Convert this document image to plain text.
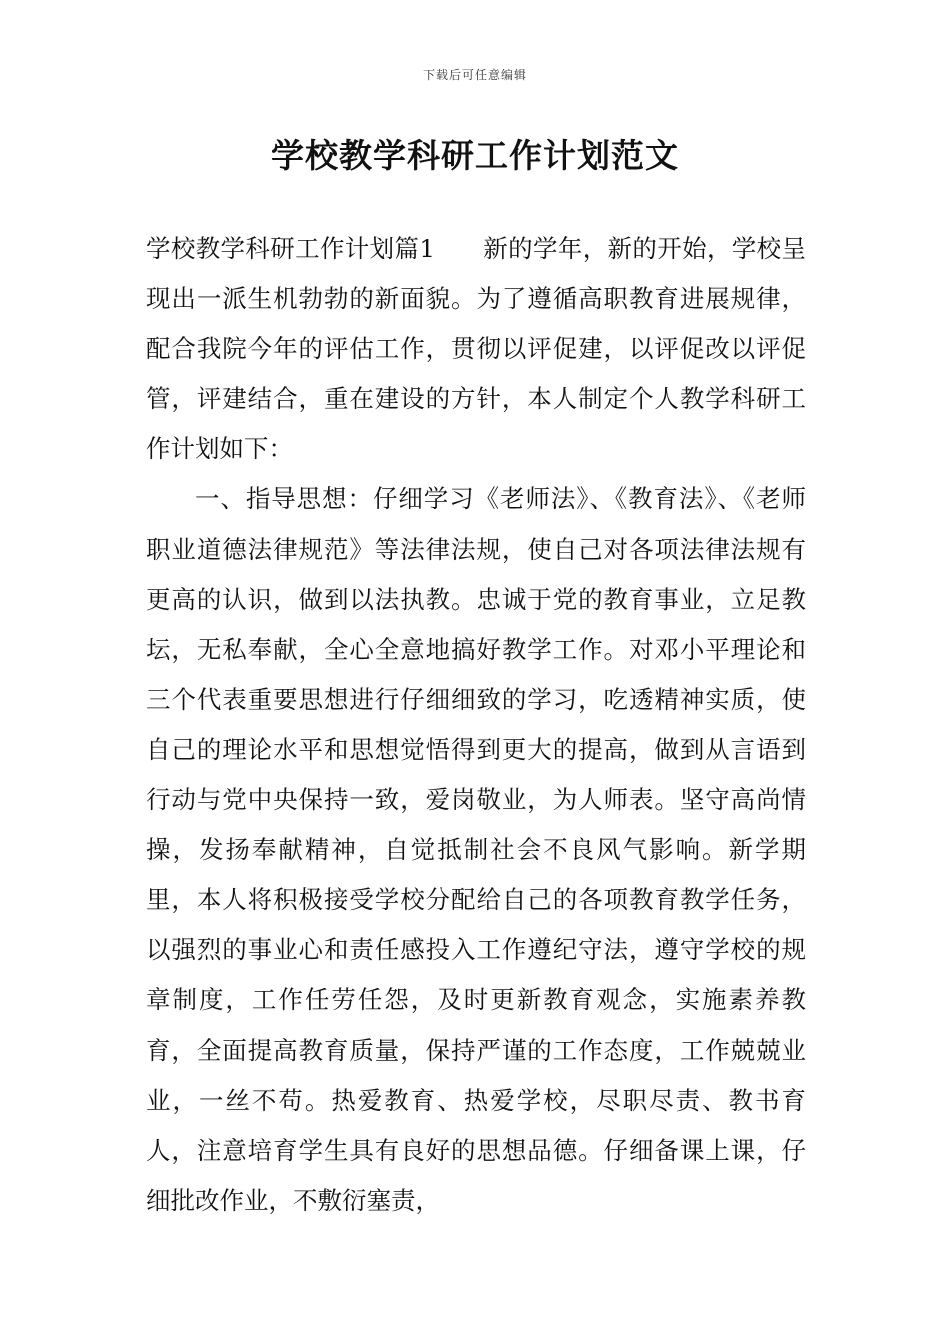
下载后可任意编辑
学校教学科研工作计划范文

学校教学科研工作计划篇1 新的学年，新的开始，学校呈现出一派生机勃勃的新面貌。为了遵循高职教育进展规律，配合我院今年的评估工作，贯彻以评促建，以评促改以评促管，评建结合，重在建设的方针，本人制定个人教学科研工作计划如下：

一、指导思想：仔细学习《老师法》、《教育法》、《老师职业道德法律规范》等法律法规，使自己对各项法律法规有更高的认识，做到以法执教。忠诚于党的教育事业，立足教坛，无私奉献，全心全意地搞好教学工作。对邓小平理论和三个代表重要思想进行仔细细致的学习，吃透精神实质，使自己的理论水平和思想觉悟得到更大的提高，做到从言语到行动与党中央保持一致，爱岗敬业，为人师表。坚守高尚情操，发扬奉献精神，自觉抵制社会不良风气影响。新学期里，本人将积极接受学校分配给自己的各项教育教学任务，以强烈的事业心和责任感投入工作遵纪守法，遵守学校的规章制度，工作任劳任怨，及时更新教育观念，实施素养教育，全面提高教育质量，保持严谨的工作态度，工作兢兢业业，一丝不苟。热爱教育、热爱学校，尽职尽责、教书育人，注意培育学生具有良好的思想品德。仔细备课上课，仔细批改作业，不敷衍塞责，
